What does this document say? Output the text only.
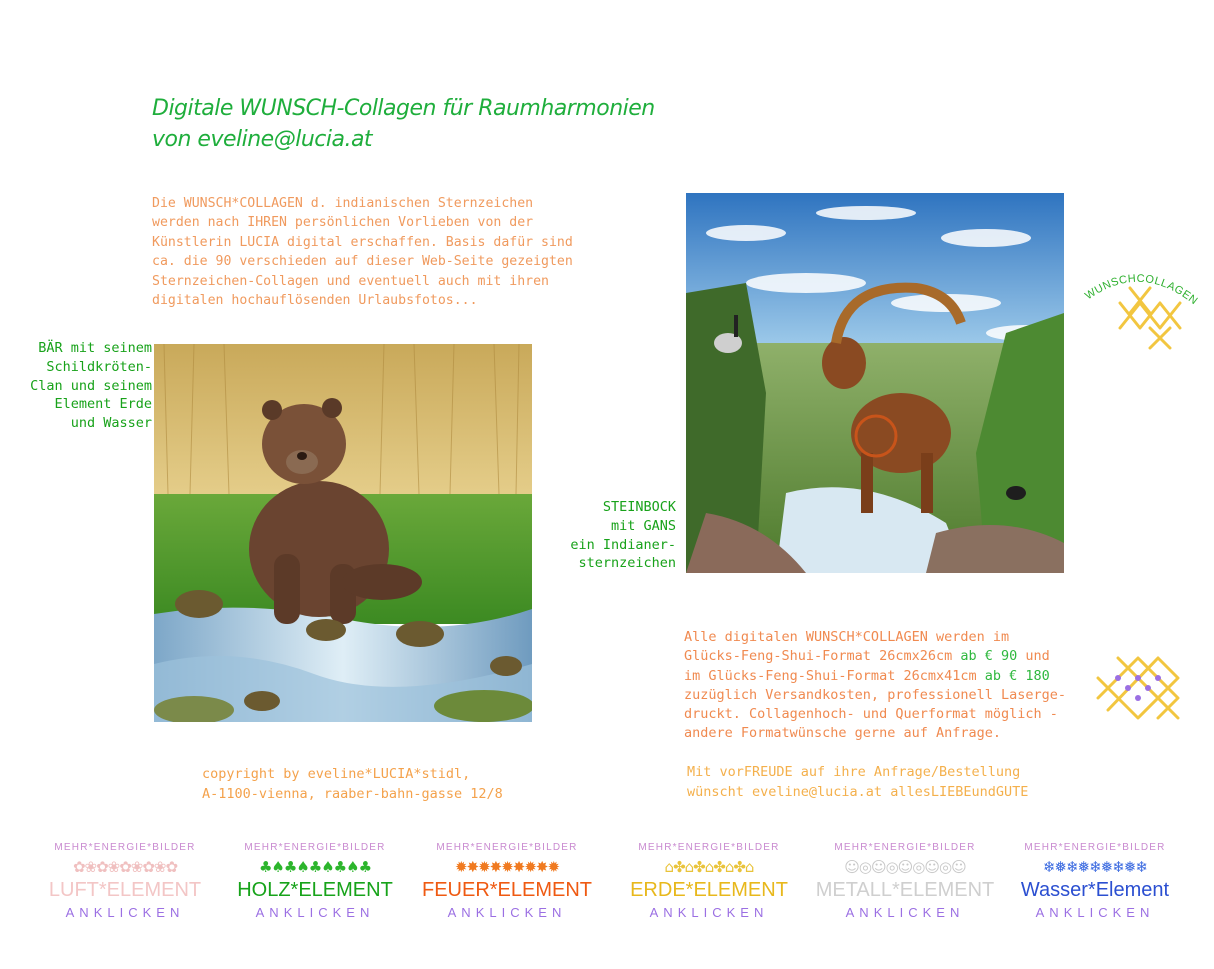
Digitale WUNSCH-Collagen für Raumharmonien
von eveline@lucia.at
Die WUNSCH*COLLAGEN d. indianischen Sternzeichen
werden nach IHREN persönlichen Vorlieben von der
Künstlerin LUCIA digital erschaffen. Basis dafür sind
ca. die 90 verschieden auf dieser Web-Seite gezeigten
Sternzeichen-Collagen und eventuell auch mit ihren
digitalen hochauflösenden Urlaubsfotos...
BÄR mit seinem
Schildkröten-
Clan und seinem
Element Erde
und Wasser
STEINBOCK
mit GANS
ein Indianer-
sternzeichen
WUNSCHCOLLAGEN
Alle digitalen WUNSCH*COLLAGEN werden im
Glücks-Feng-Shui-Format 26cmx26cm ab € 90 und
im Glücks-Feng-Shui-Format 26cmx41cm ab € 180
zuzüglich Versandkosten, professionell Laserge-
druckt. Collagenhoch- und Querformat möglich -
andere Formatwünsche gerne auf Anfrage.
copyright by eveline*LUCIA*stidl,
A-1100-vienna, raaber-bahn-gasse 12/8
Mit vorFREUDE auf ihre Anfrage/Bestellung
wünscht eveline@lucia.at allesLIEBEundGUTE
MEHR*ENERGIE*BILDER
✿❀✿❀✿❀✿❀✿
LUFT*ELEMENT
ANKLICKEN
MEHR*ENERGIE*BILDER
♣♠♣♠♣♠♣♠♣
HOLZ*ELEMENT
ANKLICKEN
MEHR*ENERGIE*BILDER
✹✸✹✸✹✸✹✸✹
FEUER*ELEMENT
ANKLICKEN
MEHR*ENERGIE*BILDER
⌂✤⌂✤⌂✤⌂✤⌂
ERDE*ELEMENT
ANKLICKEN
MEHR*ENERGIE*BILDER
☺◎☺◎☺◎☺◎☺
METALL*ELEMENT
ANKLICKEN
MEHR*ENERGIE*BILDER
❄❅❄❅❄❅❄❅❄
Wasser*Element
ANKLICKEN
